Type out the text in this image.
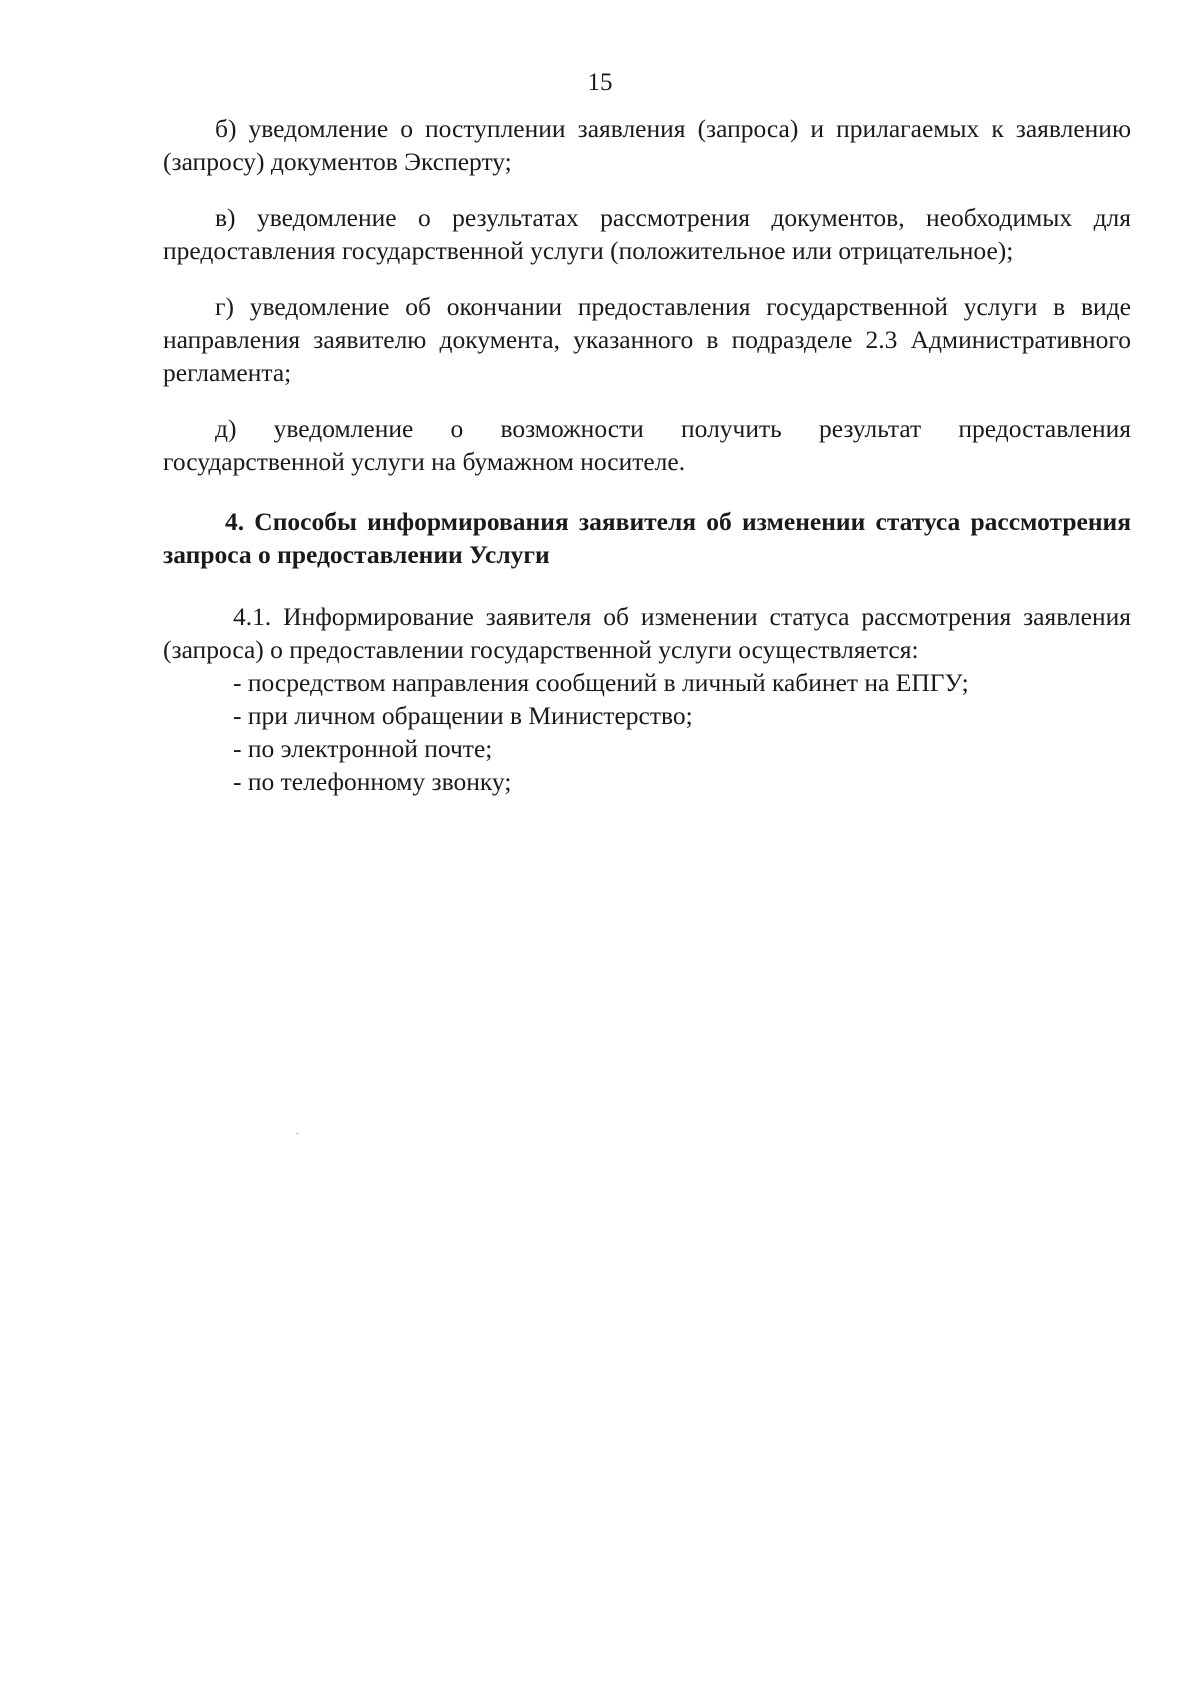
15

б) уведомление о поступлении заявления (запроса) и прилагаемых к заявлению (запросу) документов Эксперту;

в) уведомление о результатах рассмотрения документов, необходимых для предоставления государственной услуги (положительное или отрицательное);

г) уведомление об окончании предоставления государственной услуги в виде направления заявителю документа, указанного в подразделе 2.3 Административного регламента;

д) уведомление о возможности получить результат предоставления государственной услуги на бумажном носителе.

4. Способы информирования заявителя об изменении статуса рассмотрения запроса о предоставлении Услуги

4.1. Информирование заявителя об изменении статуса рассмотрения заявления (запроса) о предоставлении государственной услуги осуществляется:

- посредством направления сообщений в личный кабинет на ЕПГУ;
- при личном обращении в Министерство;
- по электронной почте;
- по телефонному звонку;
